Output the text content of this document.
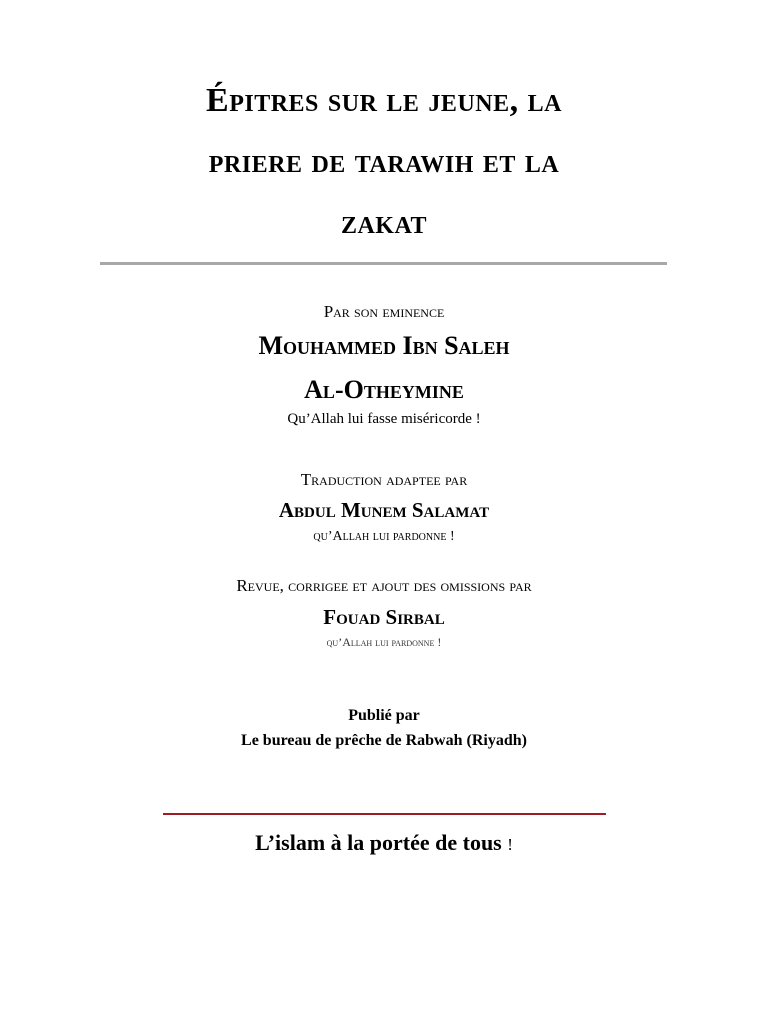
Épitres sur le jeune, la
priere de tarawih et la
zakat
Par son eminence
Mouhammed Ibn Saleh
Al-Otheymine
Qu’Allah lui fasse miséricorde !
Traduction adaptee par
Abdul Munem Salamat
qu’Allah lui pardonne !
Revue, corrigee et ajout des omissions par
Fouad Sirbal
qu’Allah lui pardonne !
Publié par
Le bureau de prêche de Rabwah (Riyadh)
L’islam à la portée de tous !
